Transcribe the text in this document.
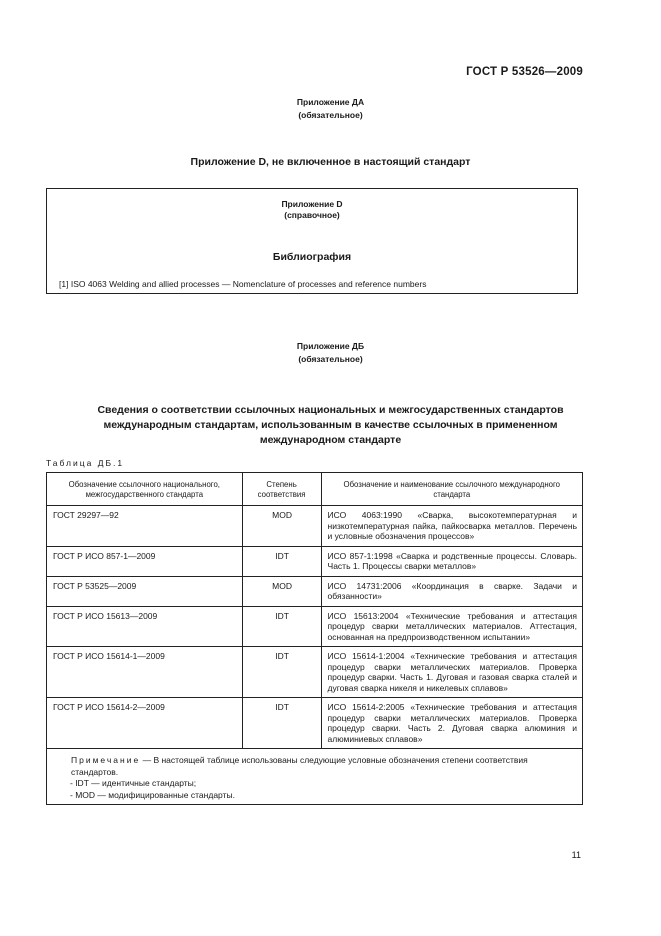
ГОСТ Р 53526—2009
Приложение ДА
(обязательное)
Приложение D, не включенное в настоящий стандарт
Приложение D
(справочное)
Библиография
[1] ISO 4063 Welding and allied processes — Nomenclature of processes and reference numbers
Приложение ДБ
(обязательное)
Сведения о соответствии ссылочных национальных и межгосударственных стандартов
международным стандартам, использованным в качестве ссылочных в примененном
международном стандарте
Таблица ДБ.1
Обозначение ссылочного национального, межгосударственного стандарта	Степень соответствия	Обозначение и наименование ссылочного международного стандарта
ГОСТ 29297—92	MOD	ИСО 4063:1990 «Сварка, высокотемпературная и низкотемпературная пайка, пайкосварка металлов. Перечень и условные обозначения процессов»
ГОСТ Р ИСО 857-1—2009	IDT	ИСО 857-1:1998 «Сварка и родственные процессы. Словарь. Часть 1. Процессы сварки металлов»
ГОСТ Р 53525—2009	MOD	ИСО 14731:2006 «Координация в сварке. Задачи и обязанности»
ГОСТ Р ИСО 15613—2009	IDT	ИСО 15613:2004 «Технические требования и аттестация процедур сварки металлических материалов. Аттестация, основанная на предпроизводственном испытании»
ГОСТ Р ИСО 15614-1—2009	IDT	ИСО 15614-1:2004 «Технические требования и аттестация процедур сварки металлических материалов. Проверка процедур сварки. Часть 1. Дуговая и газовая сварка сталей и дуговая сварка никеля и никелевых сплавов»
ГОСТ Р ИСО 15614-2—2009	IDT	ИСО 15614-2:2005 «Технические требования и аттестация процедур сварки металлических материалов. Проверка процедур сварки. Часть 2. Дуговая сварка алюминия и алюминиевых сплавов»

Примечание — В настоящей таблице использованы следующие условные обозначения степени соответствия стандартов.
- IDT — идентичные стандарты;
- MOD — модифицированные стандарты.		
11
